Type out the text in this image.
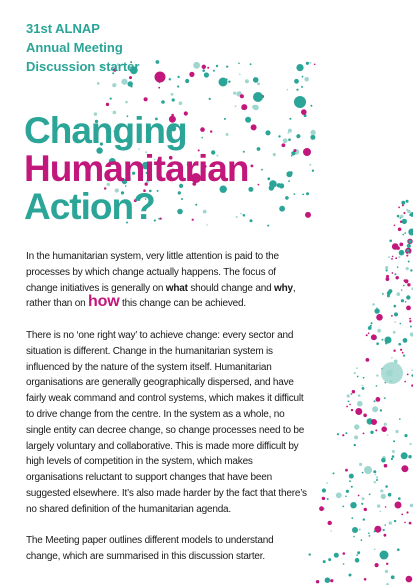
31st ALNAP
Annual Meeting
Discussion starter
Changing
Humanitarian
Action?

In the humanitarian system, very little attention is paid to the processes by which change actually happens. The focus of change initiatives is generally on what should change and why, rather than on how this change can be achieved.

There is no ‘one right way’ to achieve change: every sector and situation is different. Change in the humanitarian system is influenced by the nature of the system itself. Humanitarian organisations are generally geographically dispersed, and have fairly weak command and control systems, which makes it difficult to drive change from the centre. In the system as a whole, no single entity can decree change, so change processes need to be largely voluntary and collaborative. This is made more difficult by high levels of competition in the system, which makes organisations reluctant to support changes that have been suggested elsewhere. It’s also made harder by the fact that there’s no shared definition of the humanitarian agenda.

The Meeting paper outlines different models to understand change, which are summarised in this discussion starter.
